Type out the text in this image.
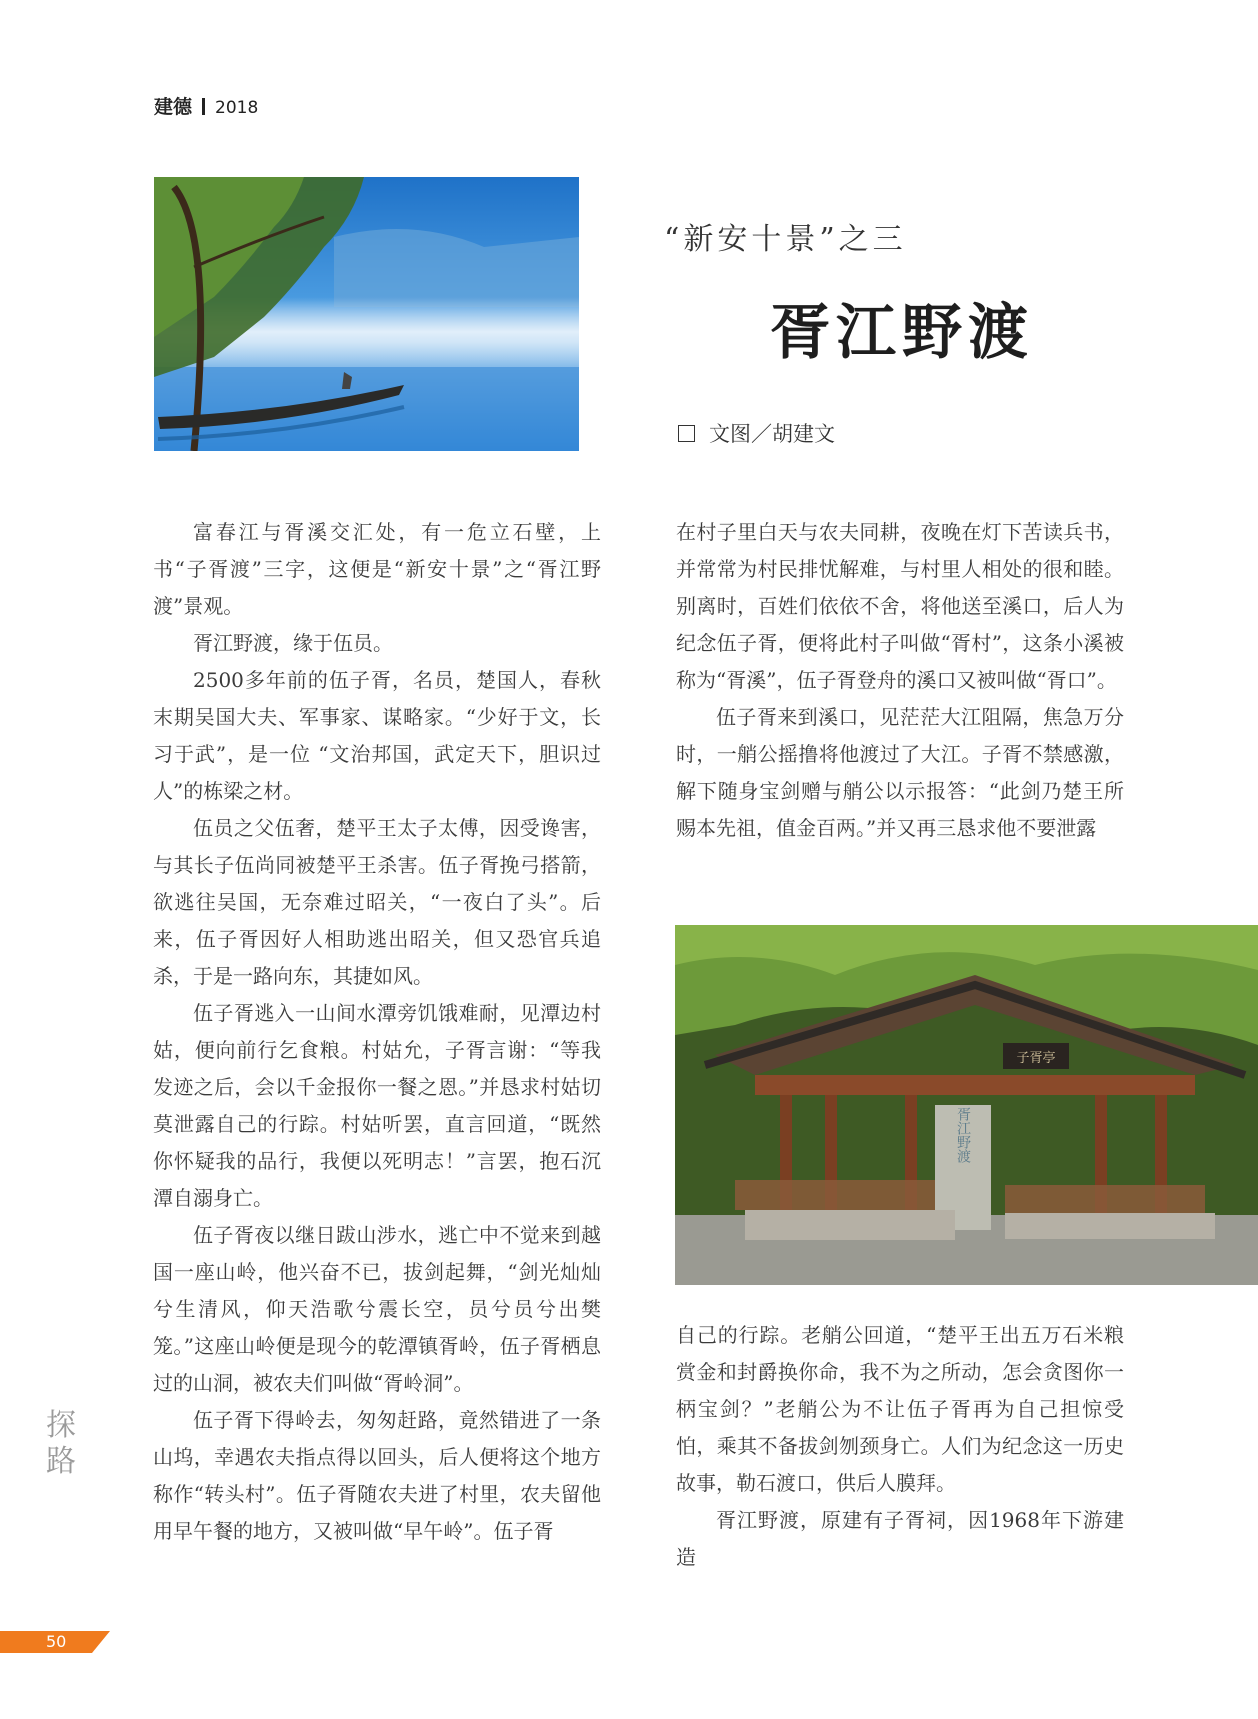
建德 2018
“新安十景”之三
胥江野渡
文图／胡建文

富春江与胥溪交汇处，有一危立石壁，上书“子胥渡”三字，这便是“新安十景”之“胥江野渡”景观。

胥江野渡，缘于伍员。

2500多年前的伍子胥，名员，楚国人，春秋末期吴国大夫、军事家、谋略家。“少好于文，长习于武”，是一位 “文治邦国，武定天下，胆识过人”的栋梁之材。

伍员之父伍奢，楚平王太子太傅，因受谗害，与其长子伍尚同被楚平王杀害。伍子胥挽弓搭箭，欲逃往吴国，无奈难过昭关，“一夜白了头”。后来，伍子胥因好人相助逃出昭关，但又恐官兵追杀，于是一路向东，其捷如风。

伍子胥逃入一山间水潭旁饥饿难耐，见潭边村姑，便向前行乞食粮。村姑允，子胥言谢：“等我发迹之后，会以千金报你一餐之恩。”并恳求村姑切莫泄露自己的行踪。村姑听罢，直言回道，“既然你怀疑我的品行，我便以死明志！”言罢，抱石沉潭自溺身亡。

伍子胥夜以继日跋山涉水，逃亡中不觉来到越国一座山岭，他兴奋不已，拔剑起舞，“剑光灿灿兮生清风，仰天浩歌兮震长空，员兮员兮出樊笼。”这座山岭便是现今的乾潭镇胥岭，伍子胥栖息过的山洞，被农夫们叫做“胥岭洞”。

伍子胥下得岭去，匆匆赶路，竟然错进了一条山坞，幸遇农夫指点得以回头，后人便将这个地方称作“转头村”。伍子胥随农夫进了村里，农夫留他用早午餐的地方，又被叫做“早午岭”。伍子胥

在村子里白天与农夫同耕，夜晚在灯下苦读兵书，并常常为村民排忧解难，与村里人相处的很和睦。别离时，百姓们依依不舍，将他送至溪口，后人为纪念伍子胥，便将此村子叫做“胥村”，这条小溪被称为“胥溪”，伍子胥登舟的溪口又被叫做“胥口”。

伍子胥来到溪口，见茫茫大江阻隔，焦急万分时，一艄公摇撸将他渡过了大江。子胥不禁感激，解下随身宝剑赠与艄公以示报答：“此剑乃楚王所赐本先祖，值金百两。”并又再三恳求他不要泄露

胥江野渡
子胥亭

自己的行踪。老艄公回道，“楚平王出五万石米粮赏金和封爵换你命，我不为之所动，怎会贪图你一柄宝剑？”老艄公为不让伍子胥再为自己担惊受怕，乘其不备拔剑刎颈身亡。人们为纪念这一历史故事，勒石渡口，供后人膜拜。

胥江野渡，原建有子胥祠，因1968年下游建造

探路
50
